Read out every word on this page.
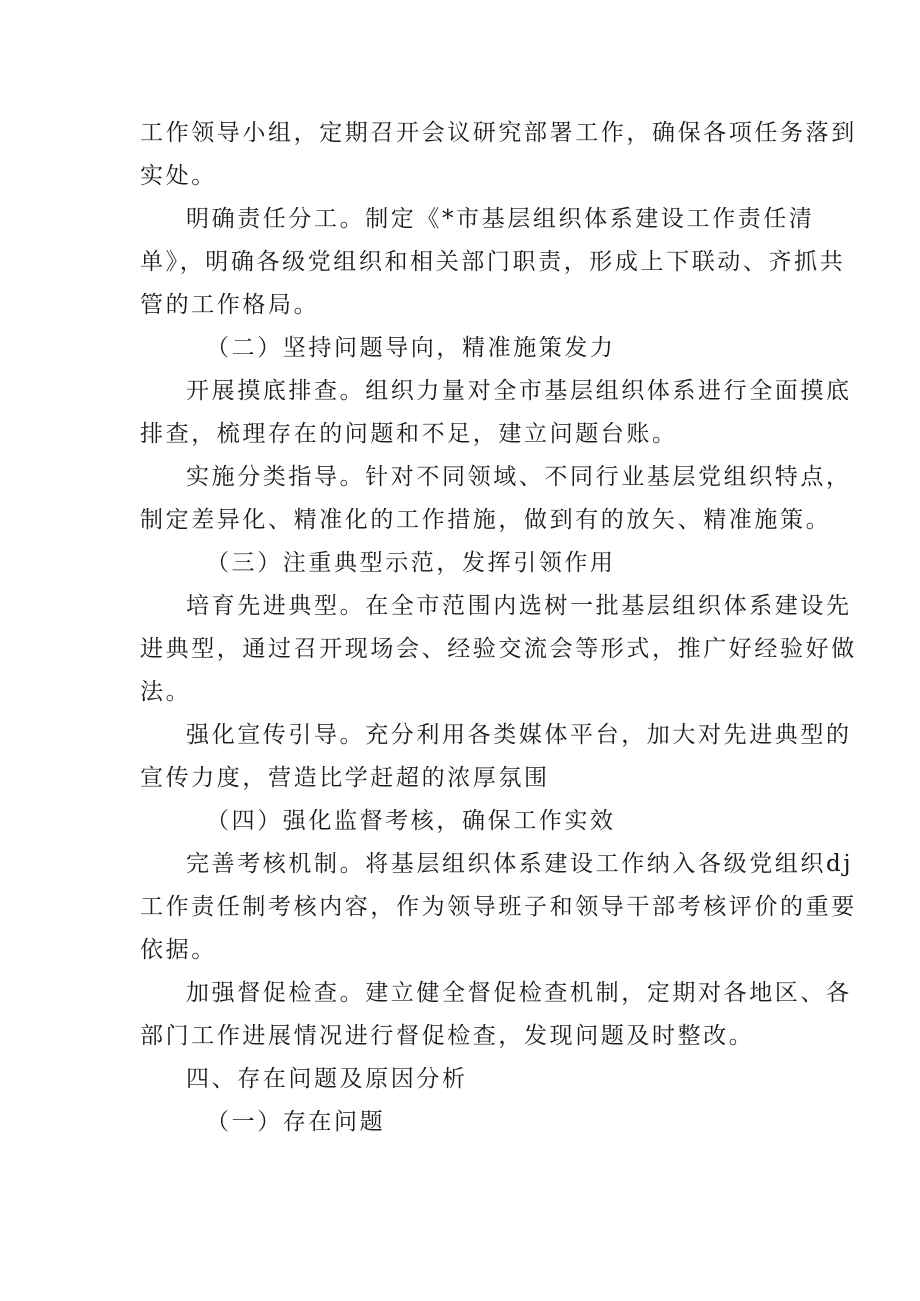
工作领导小组，定期召开会议研究部署工作，确保各项任务落到
实处。
明确责任分工。制定《*市基层组织体系建设工作责任清
单》，明确各级党组织和相关部门职责，形成上下联动、齐抓共
管的工作格局。
（二）坚持问题导向，精准施策发力
开展摸底排查。组织力量对全市基层组织体系进行全面摸底
排查，梳理存在的问题和不足，建立问题台账。
实施分类指导。针对不同领域、不同行业基层党组织特点，
制定差异化、精准化的工作措施，做到有的放矢、精准施策。
（三）注重典型示范，发挥引领作用
培育先进典型。在全市范围内选树一批基层组织体系建设先
进典型，通过召开现场会、经验交流会等形式，推广好经验好做
法。
强化宣传引导。充分利用各类媒体平台，加大对先进典型的
宣传力度，营造比学赶超的浓厚氛围
（四）强化监督考核，确保工作实效
完善考核机制。将基层组织体系建设工作纳入各级党组织dj
工作责任制考核内容，作为领导班子和领导干部考核评价的重要
依据。
加强督促检查。建立健全督促检查机制，定期对各地区、各
部门工作进展情况进行督促检查，发现问题及时整改。
四、存在问题及原因分析
（一）存在问题
